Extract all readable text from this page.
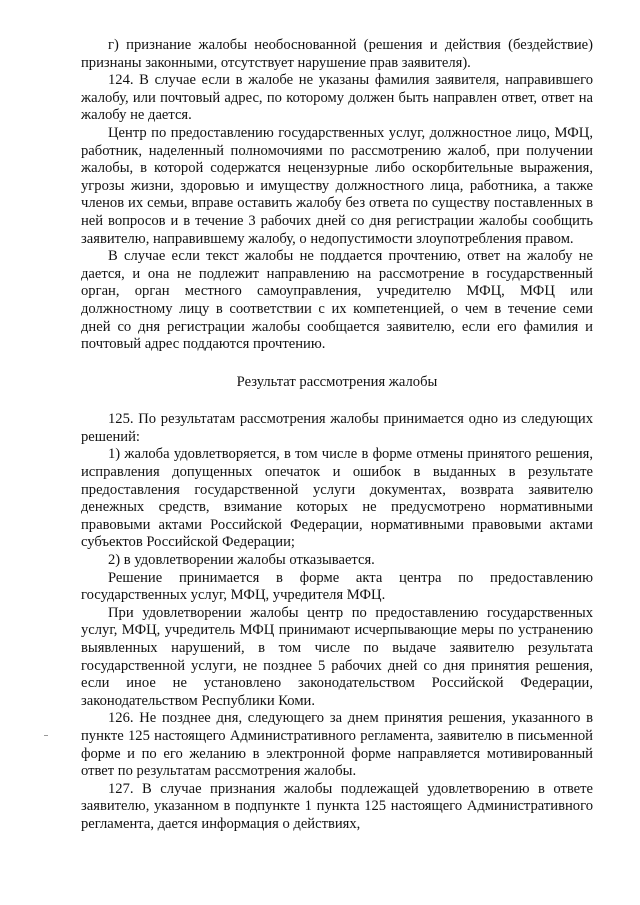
г) признание жалобы необоснованной (решения и действия (бездействие) признаны законными, отсутствует нарушение прав заявителя).

124. В случае если в жалобе не указаны фамилия заявителя, направившего жалобу, или почтовый адрес, по которому должен быть направлен ответ, ответ на жалобу не дается.

Центр по предоставлению государственных услуг, должностное лицо, МФЦ, работник, наделенный полномочиями по рассмотрению жалоб, при получении жалобы, в которой содержатся нецензурные либо оскорбительные выражения, угрозы жизни, здоровью и имуществу должностного лица, работника, а также членов их семьи, вправе оставить жалобу без ответа по существу поставленных в ней вопросов и в течение 3 рабочих дней со дня регистрации жалобы сообщить заявителю, направившему жалобу, о недопустимости злоупотребления правом.

В случае если текст жалобы не поддается прочтению, ответ на жалобу не дается, и она не подлежит направлению на рассмотрение в государственный орган, орган местного самоуправления, учредителю МФЦ, МФЦ или должностному лицу в соответствии с их компетенцией, о чем в течение семи дней со дня регистрации жалобы сообщается заявителю, если его фамилия и почтовый адрес поддаются прочтению.

Результат рассмотрения жалобы

125. По результатам рассмотрения жалобы принимается одно из следующих решений:

1) жалоба удовлетворяется, в том числе в форме отмены принятого решения, исправления допущенных опечаток и ошибок в выданных в результате предоставления государственной услуги документах, возврата заявителю денежных средств, взимание которых не предусмотрено нормативными правовыми актами Российской Федерации, нормативными правовыми актами субъектов Российской Федерации;

2) в удовлетворении жалобы отказывается.

Решение принимается в форме акта центра по предоставлению государственных услуг, МФЦ, учредителя МФЦ.

При удовлетворении жалобы центр по предоставлению государственных услуг, МФЦ, учредитель МФЦ принимают исчерпывающие меры по устранению выявленных нарушений, в том числе по выдаче заявителю результата государственной услуги, не позднее 5 рабочих дней со дня принятия решения, если иное не установлено законодательством Российской Федерации, законодательством Республики Коми.

126. Не позднее дня, следующего за днем принятия решения, указанного в пункте 125 настоящего Административного регламента, заявителю в письменной форме и по его желанию в электронной форме направляется мотивированный ответ по результатам рассмотрения жалобы.

127. В случае признания жалобы подлежащей удовлетворению в ответе заявителю, указанном в подпункте 1 пункта 125 настоящего Административного регламента, дается информация о действиях,
